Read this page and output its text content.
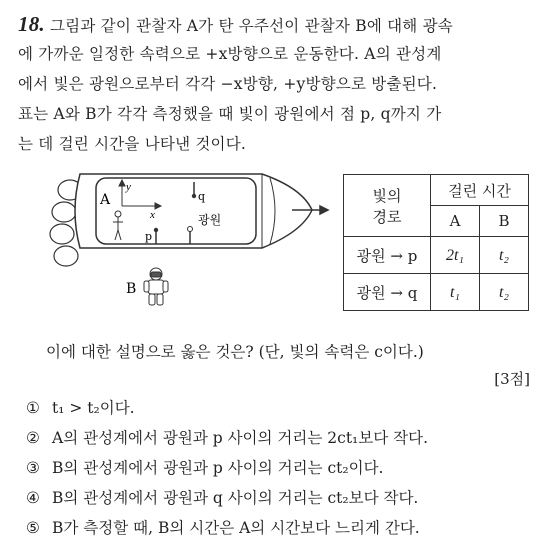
18. 그림과 같이 관찰자 A가 탄 우주선이 관찰자 B에 대해 광속
에 가까운 일정한 속력으로 +x방향으로 운동한다. A의 관성계
에서 빛은 광원으로부터 각각 −x방향, +y방향으로 방출된다.
표는 A와 B가 각각 측정했을 때 빛이 광원에서 점 p, q까지 가
는 데 걸린 시간을 나타낸 것이다.
y
x
A	q
p
광원
B
빛의
경로	걸린 시간	
	A	B
광원 → p	2t₁	t₂
광원 → q	t₁	t₂
이에 대한 설명으로 옳은 것은? (단, 빛의 속력은 c이다.)
[3점]
① t₁ > t₂이다.
② A의 관성계에서 광원과 p 사이의 거리는 2ct₁보다 작다.
③ B의 관성계에서 광원과 p 사이의 거리는 ct₂이다.
④ B의 관성계에서 광원과 q 사이의 거리는 ct₂보다 작다.
⑤ B가 측정할 때, B의 시간은 A의 시간보다 느리게 간다.
